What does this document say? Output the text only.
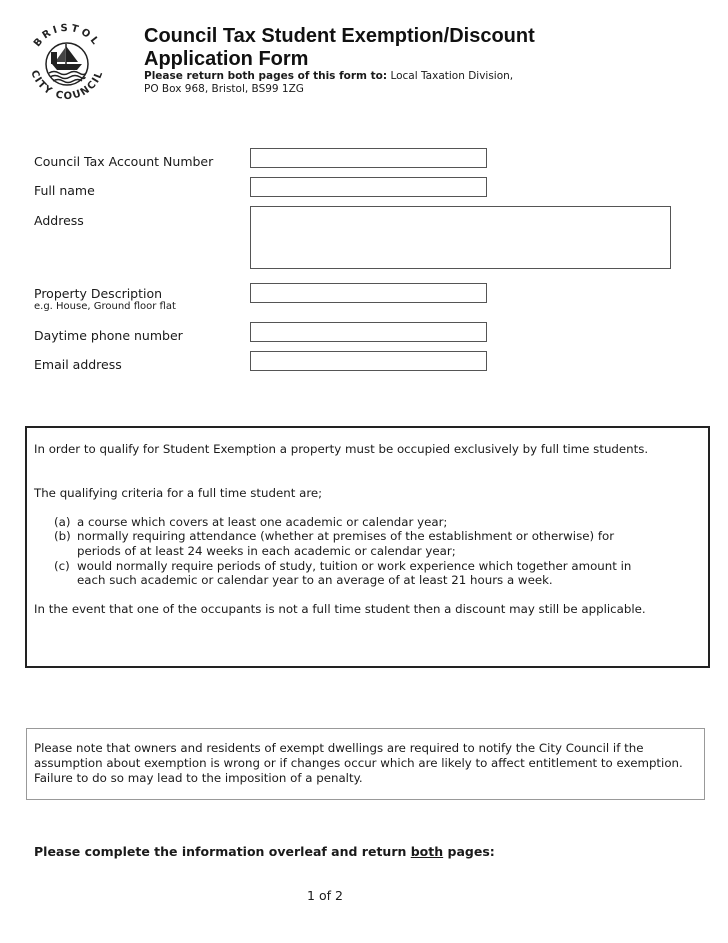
BRISTOL
CITY COUNCIL
Council Tax Student Exemption/Discount
Application Form
Please return both pages of this form to: Local Taxation Division,
PO Box 968, Bristol, BS99 1ZG
Council Tax Account Number
Full name
Address
Property Description
e.g. House, Ground floor flat
Daytime phone number
Email address
In order to qualify for Student Exemption a property must be occupied exclusively by full time students.
The qualifying criteria for a full time student are;
(a) a course which covers at least one academic or calendar year;
(b) normally requiring attendance (whether at premises of the establishment or otherwise) for
periods of at least 24 weeks in each academic or calendar year;
(c) would normally require periods of study, tuition or work experience which together amount in
each such academic or calendar year to an average of at least 21 hours a week.
In the event that one of the occupants is not a full time student then a discount may still be applicable.
Please note that owners and residents of exempt dwellings are required to notify the City Council if the assumption about exemption is wrong or if changes occur which are likely to affect entitlement to exemption. Failure to do so may lead to the imposition of a penalty.
Please complete the information overleaf and return both pages:
1 of 2
